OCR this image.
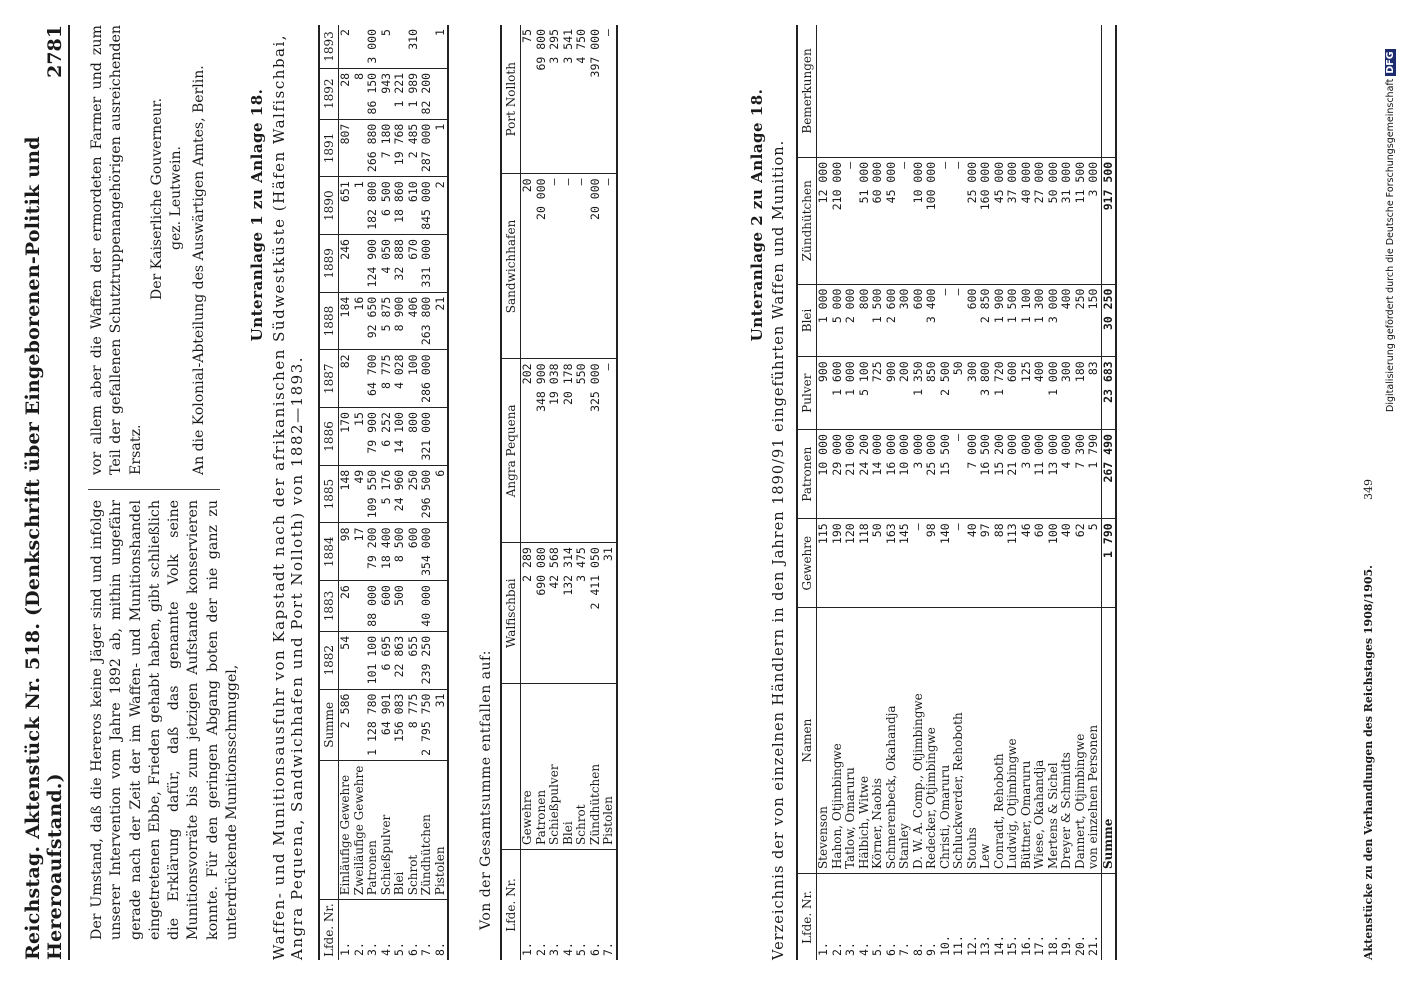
Reichstag. Aktenstück Nr. 518. (Denkschrift über Eingeborenen-Politik und Hereroaufstand.)
2781

Der Umstand, daß die Hereros keine Jäger sind und infolge unserer Intervention vom Jahre 1892 ab, mithin ungefähr gerade nach der Zeit der im Waffen- und Munitionshandel eingetretenen Ebbe, Frieden gehabt haben, gibt schließlich die Erklärung dafür, daß das genannte Volk seine Munitionsvorräte bis zum jetzigen Aufstande konservieren konnte. Für den geringen Abgang boten der nie ganz zu unterdrückende Munitionsschmuggel,

vor allem aber die Waffen der ermordeten Farmer und zum Teil der gefallenen Schutztruppenangehörigen ausreichenden Ersatz.

Der Kaiserliche Gouverneur. gez. Leutwein. An die Kolonial-Abteilung des Auswärtigen Amtes, Berlin.	Unteranlage 1 zu Anlage 18. Waffen- und Munitionsausfuhr von Kapstadt nach der afrikanischen Südwestküste (Häfen Walfischbai, Angra Pequena, Sandwichhafen und Port Nolloth) von 1882—1893. Lfde. Nr.		Summe	1882	1883	1884	1885	1886	1887	1888	1889	1890	1891	1892	1893
1.	Einläufige Gewehre	2 586	54	26	98	148	170	82	184	246	651	807	28	2
2.	Zweiläufige Gewehre				17	49	15		16		1		8	
3.	Patronen	1 128 780	101 100	88 000	79 200	109 550	79 900	64 700	92 650	124 900	182 800	266 880	86 150	3 000
4.	Schießpulver	64 901	6 695	600	18 400	5 176	6 252	8 775	5 875	4 050	6 500	7 180	943	5
5.	Blei	156 083	22 863	500	8 500	24 960	14 100	4 028	8 900	32 888	18 860	19 768	1 221	
6.	Schrot	8 775	655		600	250	800	100	406	670	610	2 485	1 989	310
7.	Zündhütchen	2 795 750	239 250	40 000	354 000	296 500	321 000	286 000	263 800	331 000	845 000	287 000	82 200	
8.	Pistolen	31				6			21		2	1		1
Von der Gesamtsumme entfallen auf: Lfde. Nr.		Walfischbai	Angra Pequena	Sandwichhafen	Port Nolloth
1.	Gewehre	2 289	202	20	75
2.	Patronen	690 080	348 900	20 000	69 800
3.	Schießpulver	42 568	19 038	—	3 295
4.	Blei	132 314	20 178	—	3 541
5.	Schrot	3 475	550	—	4 750
6.	Zündhütchen	2 411 050	325 000	20 000	397 000
7.	Pistolen	31	—	—	—
Unteranlage 2 zu Anlage 18. Verzeichnis der von einzelnen Händlern in den Jahren 1890/91 eingeführten Waffen und Munition. Lfde. Nr.	Namen	Gewehre	Patronen	Pulver	Blei	Zündhütchen	Bemerkungen
1.	Stevenson	115	10 000	900	1 000	12 000	
2.	Hahon, Otjimbingwe	190	29 000	1 600	5 000	210 000	
3.	Tatlow, Omaruru	120	21 000	1 000	2 000	—	
4.	Hälbich, Witwe	118	24 200	5 100	800	51 000	
5.	Körner, Naobis	50	14 000	725	1 500	60 000	
6.	Schmerenbeck, Okahandja	163	16 000	900	2 600	45 000	
7.	Stanley	145	10 000	200	300	—	
8.	D. W. A. Comp., Otjimbingwe	—	3 000	1 350	600	10 000	
9.	Redecker, Otjimbingwe	98	25 000	850	3 400	100 000	
10.	Christi, Omaruru	140	15 500	2 500	—	—	
11.	Schluckwerder, Rehoboth	—	—	50	—	—	
12.	Stouhs	40	7 000	300	600	25 000	
13.	Lew	97	16 500	3 800	2 850	160 000	
14.	Conradt, Rehoboth	88	15 200	1 720	1 900	45 000	
15.	Ludwig, Otjimbingwe	113	21 000	600	1 500	37 000	
16.	Büttner, Omaruru	46	3 000	125	1 100	40 000	
17.	Wiese, Okahandja	60	11 000	400	1 300	27 000	
18.	Mertens & Sichel	100	13 000	1 000	3 000	50 000	
19.	Dreyer & Schmidts	40	4 000	300	400	31 000	
20.	Dannert, Otjimbingwe	62	7 300	180	250	11 500	
21.	von einzelnen Personen	5	1 790	83	150	3 000	
	Summe	1 790	267 490	23 683	30 250	917 500	
Aktenstücke zu den Verhandlungen des Reichstages 1908/1905.
349
Digitalisierung gefördert durch die Deutsche Forschungsgemeinschaft DFG
